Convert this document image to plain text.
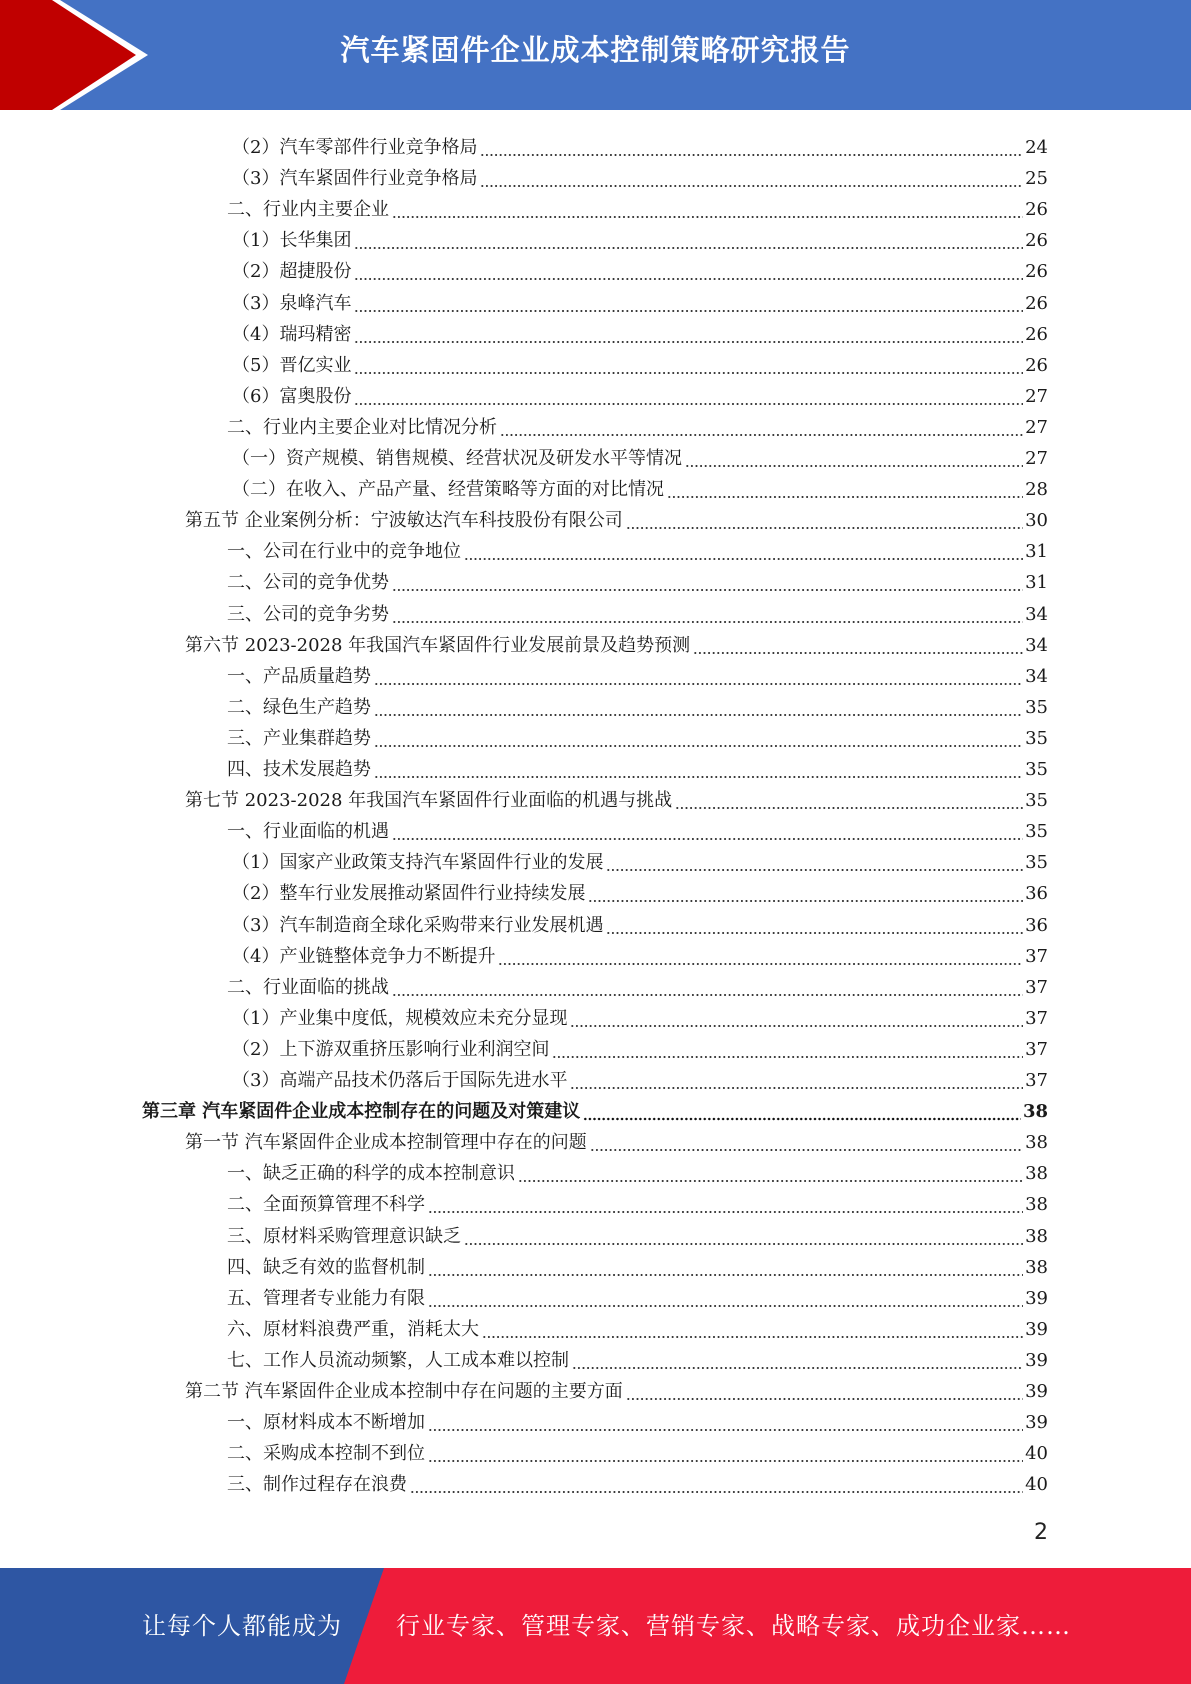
汽车紧固件企业成本控制策略研究报告
（2）汽车零部件行业竞争格局	24
（3）汽车紧固件行业竞争格局	25
二、行业内主要企业	26
（1）长华集团	26
（2）超捷股份	26
（3）泉峰汽车	26
（4）瑞玛精密	26
（5）晋亿实业	26
（6）富奥股份	27
二、行业内主要企业对比情况分析	27
（一）资产规模、销售规模、经营状况及研发水平等情况	27
（二）在收入、产品产量、经营策略等方面的对比情况	28
第五节 企业案例分析：宁波敏达汽车科技股份有限公司	30
一、公司在行业中的竞争地位	31
二、公司的竞争优势	31
三、公司的竞争劣势	34
第六节 2023-2028 年我国汽车紧固件行业发展前景及趋势预测	34
一、产品质量趋势	34
二、绿色生产趋势	35
三、产业集群趋势	35
四、技术发展趋势	35
第七节 2023-2028 年我国汽车紧固件行业面临的机遇与挑战	35
一、行业面临的机遇	35
（1）国家产业政策支持汽车紧固件行业的发展	35
（2）整车行业发展推动紧固件行业持续发展	36
（3）汽车制造商全球化采购带来行业发展机遇	36
（4）产业链整体竞争力不断提升	37
二、行业面临的挑战	37
（1）产业集中度低，规模效应未充分显现	37
（2）上下游双重挤压影响行业利润空间	37
（3）高端产品技术仍落后于国际先进水平	37
第三章 汽车紧固件企业成本控制存在的问题及对策建议	38
第一节 汽车紧固件企业成本控制管理中存在的问题	38
一、缺乏正确的科学的成本控制意识	38
二、全面预算管理不科学	38
三、原材料采购管理意识缺乏	38
四、缺乏有效的监督机制	38
五、管理者专业能力有限	39
六、原材料浪费严重，消耗太大	39
七、工作人员流动频繁，人工成本难以控制	39
第二节 汽车紧固件企业成本控制中存在问题的主要方面	39
一、原材料成本不断增加	39
二、采购成本控制不到位	40
三、制作过程存在浪费	40
2
让每个人都能成为 行业专家、管理专家、营销专家、战略专家、成功企业家……
